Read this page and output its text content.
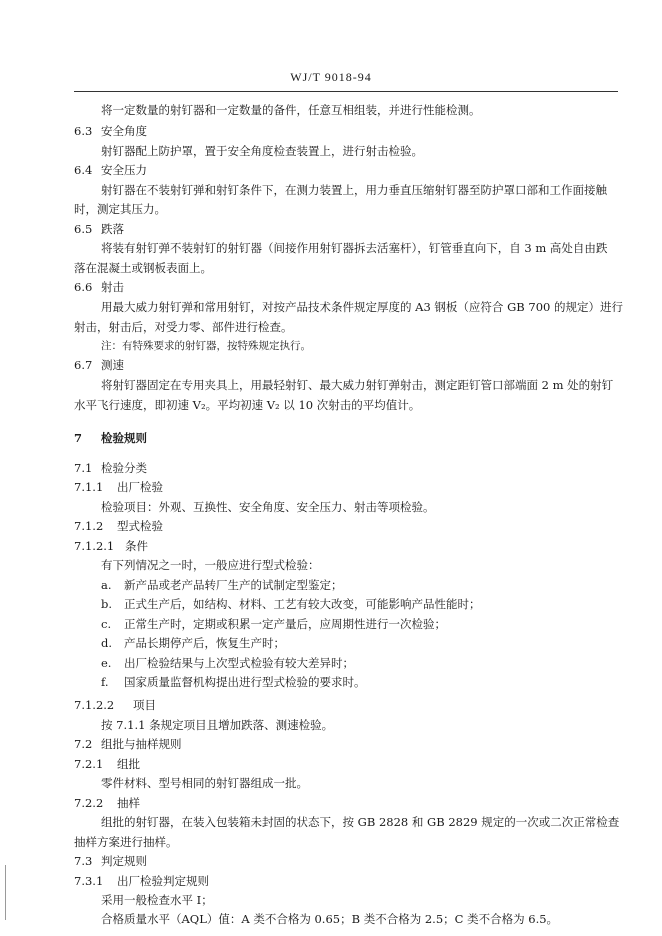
WJ/T 9018-94
将一定数量的射钉器和一定数量的备件，任意互相组装，并进行性能检测。
6.3 安全角度
射钉器配上防护罩，置于安全角度检查装置上，进行射击检验。
6.4 安全压力
射钉器在不装射钉弹和射钉条件下，在测力装置上，用力垂直压缩射钉器至防护罩口部和工作面接触
时，测定其压力。
6.5 跌落
将装有射钉弹不装射钉的射钉器（间接作用射钉器拆去活塞杆），钉管垂直向下，自 3 m 高处自由跌
落在混凝土或钢板表面上。
6.6 射击
用最大威力射钉弹和常用射钉，对按产品技术条件规定厚度的 A3 钢板（应符合 GB 700 的规定）进行
射击，射击后，对受力零、部件进行检查。
注：有特殊要求的射钉器，按特殊规定执行。
6.7 测速
将射钉器固定在专用夹具上，用最轻射钉、最大威力射钉弹射击，测定距钉管口部端面 2 m 处的射钉
水平飞行速度，即初速 V₂。平均初速 V₂ 以 10 次射击的平均值计。
7 检验规则
7.1 检验分类
7.1.1 出厂检验
检验项目：外观、互换性、安全角度、安全压力、射击等项检验。
7.1.2 型式检验
7.1.2.1 条件
有下列情况之一时，一般应进行型式检验：
a. 新产品或老产品转厂生产的试制定型鉴定；
b. 正式生产后，如结构、材料、工艺有较大改变，可能影响产品性能时；
c. 正常生产时，定期或积累一定产量后，应周期性进行一次检验；
d. 产品长期停产后，恢复生产时；
e. 出厂检验结果与上次型式检验有较大差异时；
f. 国家质量监督机构提出进行型式检验的要求时。
7.1.2.2 项目
按 7.1.1 条规定项目且增加跌落、测速检验。
7.2 组批与抽样规则
7.2.1 组批
零件材料、型号相同的射钉器组成一批。
7.2.2 抽样
组批的射钉器，在装入包装箱未封固的状态下，按 GB 2828 和 GB 2829 规定的一次或二次正常检查
抽样方案进行抽样。
7.3 判定规则
7.3.1 出厂检验判定规则
采用一般检查水平 Ⅰ；
合格质量水平（AQL）值：A 类不合格为 0.65；B 类不合格为 2.5；C 类不合格为 6.5。
